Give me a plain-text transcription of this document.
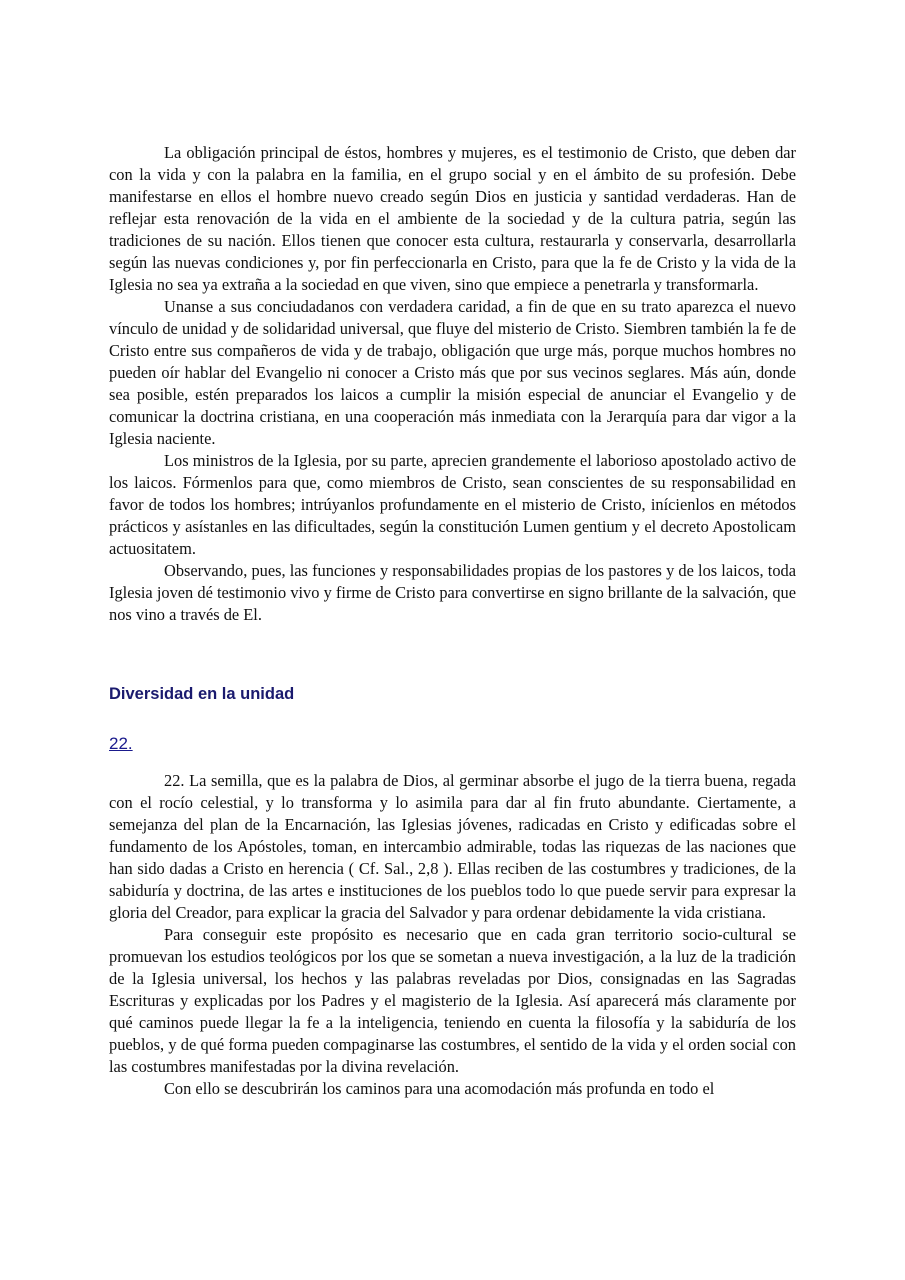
La obligación principal de éstos, hombres y mujeres, es el testimonio de Cristo, que deben dar con la vida y con la palabra en la familia, en el grupo social y en el ámbito de su profesión. Debe manifestarse en ellos el hombre nuevo creado según Dios en justicia y santidad verdaderas. Han de reflejar esta renovación de la vida en el ambiente de la sociedad y de la cultura patria, según las tradiciones de su nación. Ellos tienen que conocer esta cultura, restaurarla y conservarla, desarrollarla según las nuevas condiciones y, por fin perfeccionarla en Cristo, para que la fe de Cristo y la vida de la Iglesia no sea ya extraña a la sociedad en que viven, sino que empiece a penetrarla y transformarla.

Unanse a sus conciudadanos con verdadera caridad, a fin de que en su trato aparezca el nuevo vínculo de unidad y de solidaridad universal, que fluye del misterio de Cristo. Siembren también la fe de Cristo entre sus compañeros de vida y de trabajo, obligación que urge más, porque muchos hombres no pueden oír hablar del Evangelio ni conocer a Cristo más que por sus vecinos seglares. Más aún, donde sea posible, estén preparados los laicos a cumplir la misión especial de anunciar el Evangelio y de comunicar la doctrina cristiana, en una cooperación más inmediata con la Jerarquía para dar vigor a la Iglesia naciente.

Los ministros de la Iglesia, por su parte, aprecien grandemente el laborioso apostolado activo de los laicos. Fórmenlos para que, como miembros de Cristo, sean conscientes de su responsabilidad en favor de todos los hombres; intrúyanlos profundamente en el misterio de Cristo, inícienlos en métodos prácticos y asístanles en las dificultades, según la constitución Lumen gentium y el decreto Apostolicam actuositatem.

Observando, pues, las funciones y responsabilidades propias de los pastores y de los laicos, toda Iglesia joven dé testimonio vivo y firme de Cristo para convertirse en signo brillante de la salvación, que nos vino a través de El.

Diversidad en la unidad
22.

22. La semilla, que es la palabra de Dios, al germinar absorbe el jugo de la tierra buena, regada con el rocío celestial, y lo transforma y lo asimila para dar al fin fruto abundante. Ciertamente, a semejanza del plan de la Encarnación, las Iglesias jóvenes, radicadas en Cristo y edificadas sobre el fundamento de los Apóstoles, toman, en intercambio admirable, todas las riquezas de las naciones que han sido dadas a Cristo en herencia ( Cf. Sal., 2,8 ). Ellas reciben de las costumbres y tradiciones, de la sabiduría y doctrina, de las artes e instituciones de los pueblos todo lo que puede servir para expresar la gloria del Creador, para explicar la gracia del Salvador y para ordenar debidamente la vida cristiana.

Para conseguir este propósito es necesario que en cada gran territorio socio-cultural se promuevan los estudios teológicos por los que se sometan a nueva investigación, a la luz de la tradición de la Iglesia universal, los hechos y las palabras reveladas por Dios, consignadas en las Sagradas Escrituras y explicadas por los Padres y el magisterio de la Iglesia. Así aparecerá más claramente por qué caminos puede llegar la fe a la inteligencia, teniendo en cuenta la filosofía y la sabiduría de los pueblos, y de qué forma pueden compaginarse las costumbres, el sentido de la vida y el orden social con las costumbres manifestadas por la divina revelación.

Con ello se descubrirán los caminos para una acomodación más profunda en todo el
